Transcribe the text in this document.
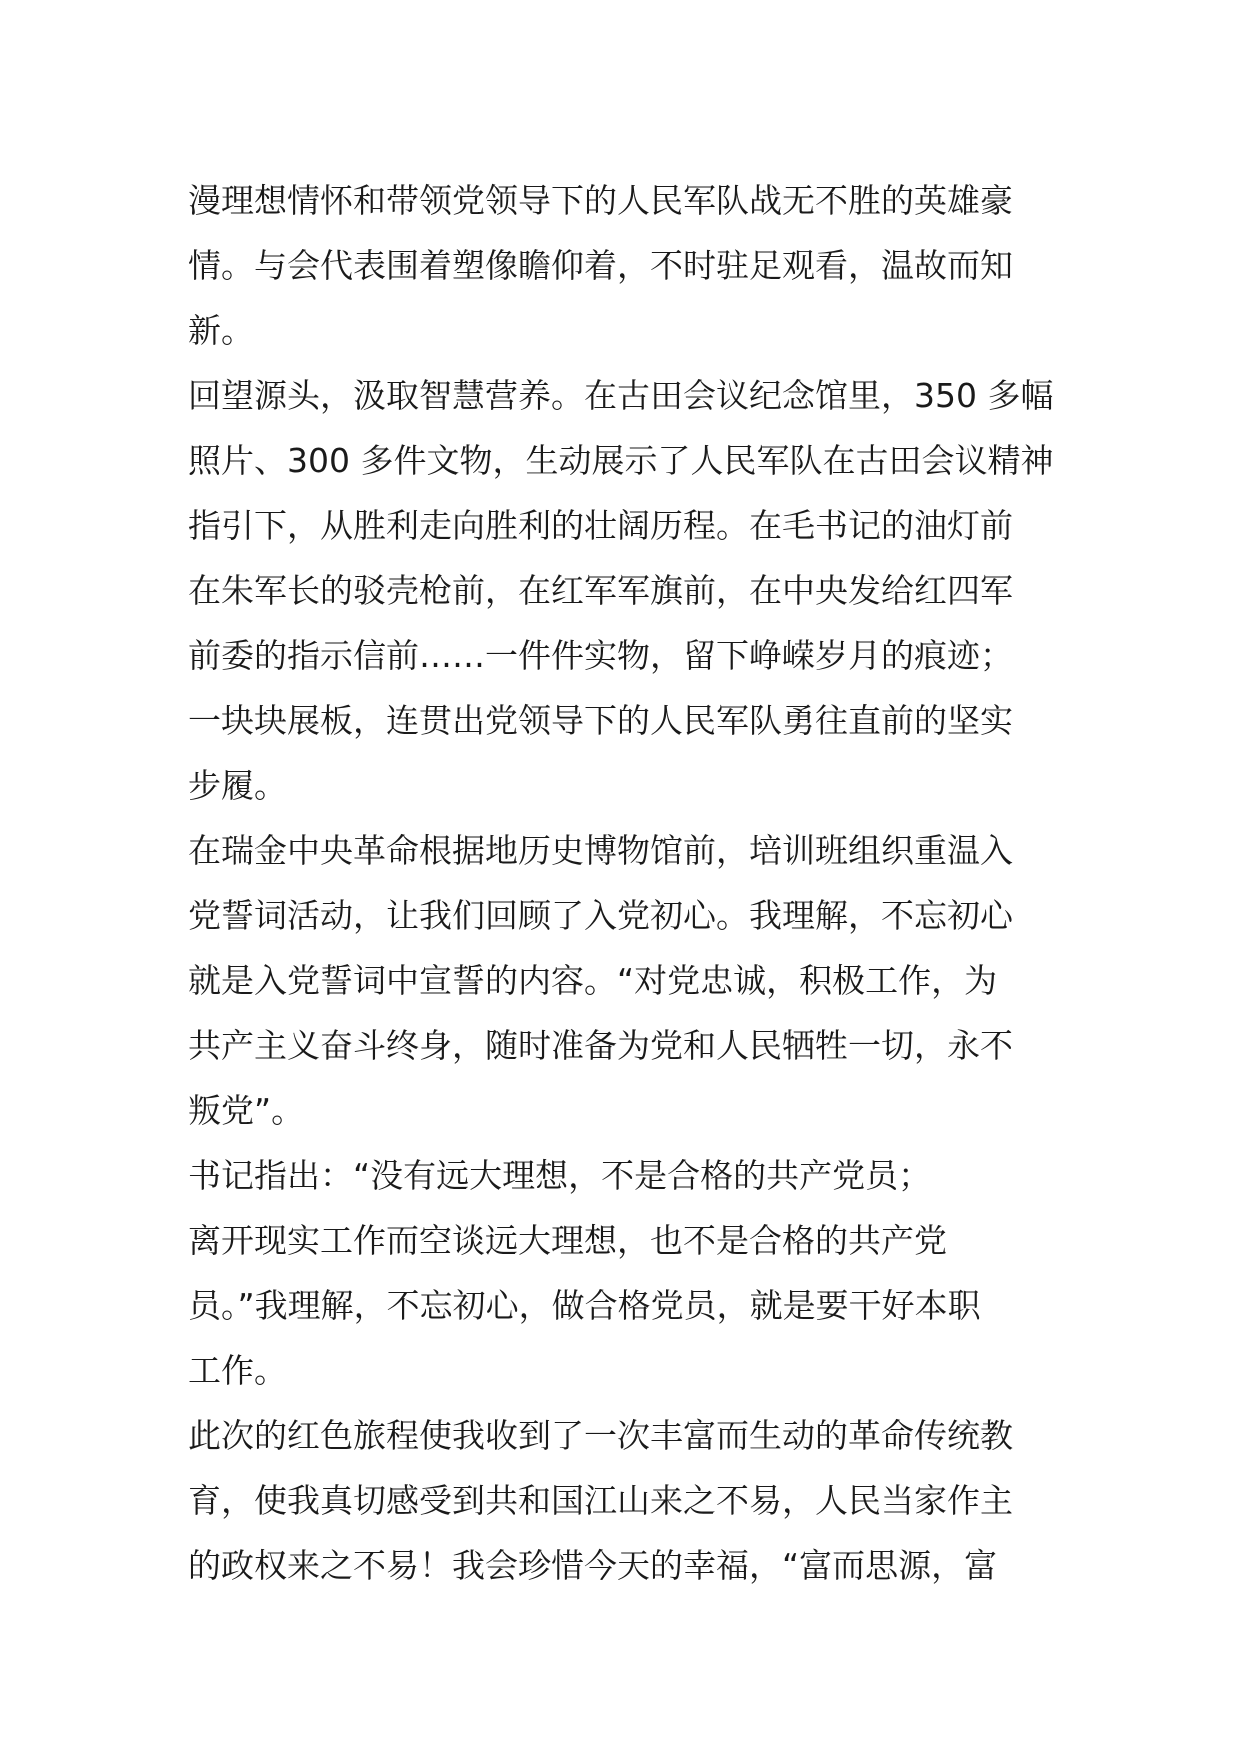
漫理想情怀和带领党领导下的人民军队战无不胜的英雄豪
情。与会代表围着塑像瞻仰着，不时驻足观看，温故而知
新。
回望源头，汲取智慧营养。在古田会议纪念馆里，350 多幅
照片、300 多件文物，生动展示了人民军队在古田会议精神
指引下，从胜利走向胜利的壮阔历程。在毛书记的油灯前
在朱军长的驳壳枪前，在红军军旗前，在中央发给红四军
前委的指示信前……一件件实物，留下峥嵘岁月的痕迹；
一块块展板，连贯出党领导下的人民军队勇往直前的坚实
步履。
在瑞金中央革命根据地历史博物馆前，培训班组织重温入
党誓词活动，让我们回顾了入党初心。我理解，不忘初心
就是入党誓词中宣誓的内容。“对党忠诚，积极工作，为
共产主义奋斗终身，随时准备为党和人民牺牲一切，永不
叛党”。
书记指出：“没有远大理想，不是合格的共产党员；
离开现实工作而空谈远大理想，也不是合格的共产党
员。”我理解，不忘初心，做合格党员，就是要干好本职
工作。
此次的红色旅程使我收到了一次丰富而生动的革命传统教
育，使我真切感受到共和国江山来之不易，人民当家作主
的政权来之不易！我会珍惜今天的幸福，“富而思源，富
